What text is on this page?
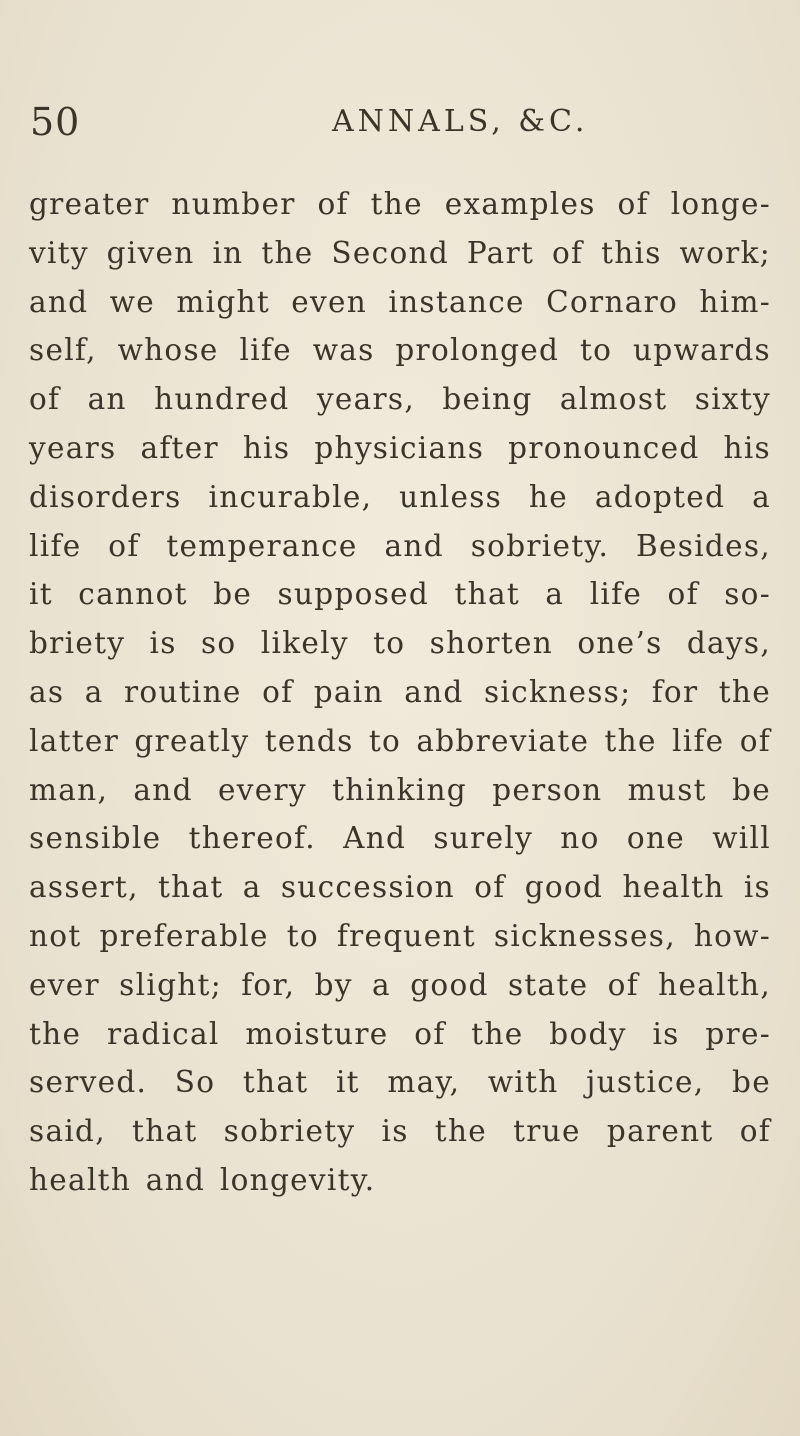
50	ANNALS, &C.
greater number of the examples of longe-
vity given in the Second Part of this work;
and we might even instance Cornaro him-
self, whose life was prolonged to upwards
of an hundred years, being almost sixty
years after his physicians pronounced his
disorders incurable, unless he adopted a
life of temperance and sobriety. Besides,
it cannot be supposed that a life of so-
briety is so likely to shorten one’s days,
as a routine of pain and sickness; for the
latter greatly tends to abbreviate the life of
man, and every thinking person must be
sensible thereof. And surely no one will
assert, that a succession of good health is
not preferable to frequent sicknesses, how-
ever slight; for, by a good state of health,
the radical moisture of the body is pre-
served. So that it may, with justice, be
said, that sobriety is the true parent of
health and longevity.
